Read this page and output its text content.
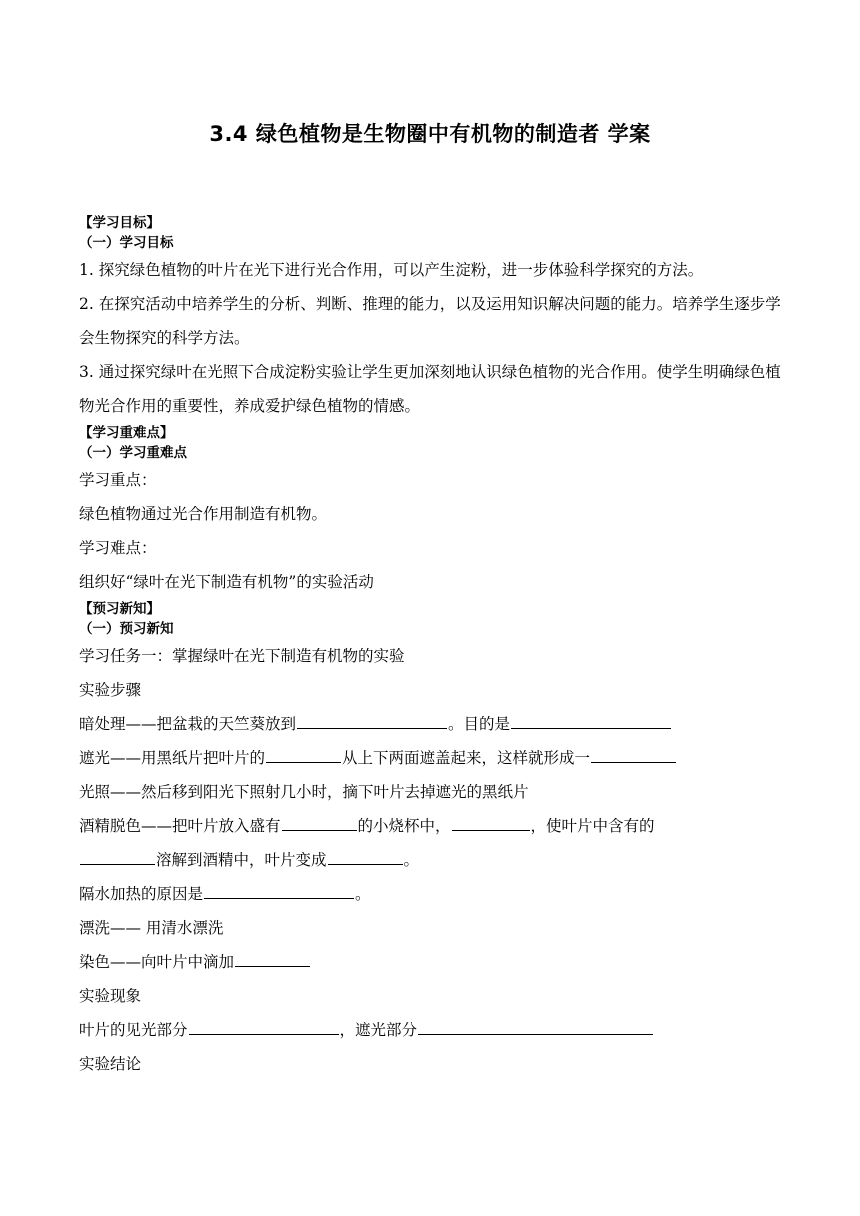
3.4 绿色植物是生物圈中有机物的制造者 学案
【学习目标】
（一）学习目标
1. 探究绿色植物的叶片在光下进行光合作用，可以产生淀粉，进一步体验科学探究的方法。
2. 在探究活动中培养学生的分析、判断、推理的能力，以及运用知识解决问题的能力。培养学生逐步学会生物探究的科学方法。
3. 通过探究绿叶在光照下合成淀粉实验让学生更加深刻地认识绿色植物的光合作用。使学生明确绿色植物光合作用的重要性，养成爱护绿色植物的情感。
【学习重难点】
（一）学习重难点
学习重点：
绿色植物通过光合作用制造有机物。
学习难点：
组织好“绿叶在光下制造有机物”的实验活动
【预习新知】
（一）预习新知
学习任务一：掌握绿叶在光下制造有机物的实验
实验步骤
暗处理——把盆栽的天竺葵放到	。目的是
遮光——用黑纸片把叶片的	从上下两面遮盖起来，这样就形成一
光照——然后移到阳光下照射几小时，摘下叶片去掉遮光的黑纸片
酒精脱色——把叶片放入盛有	的小烧杯中，	，使叶片中含有的
溶解到酒精中，叶片变成	。
隔水加热的原因是	。
漂洗—— 用清水漂洗
染色——向叶片中滴加
实验现象
叶片的见光部分	，遮光部分
实验结论
